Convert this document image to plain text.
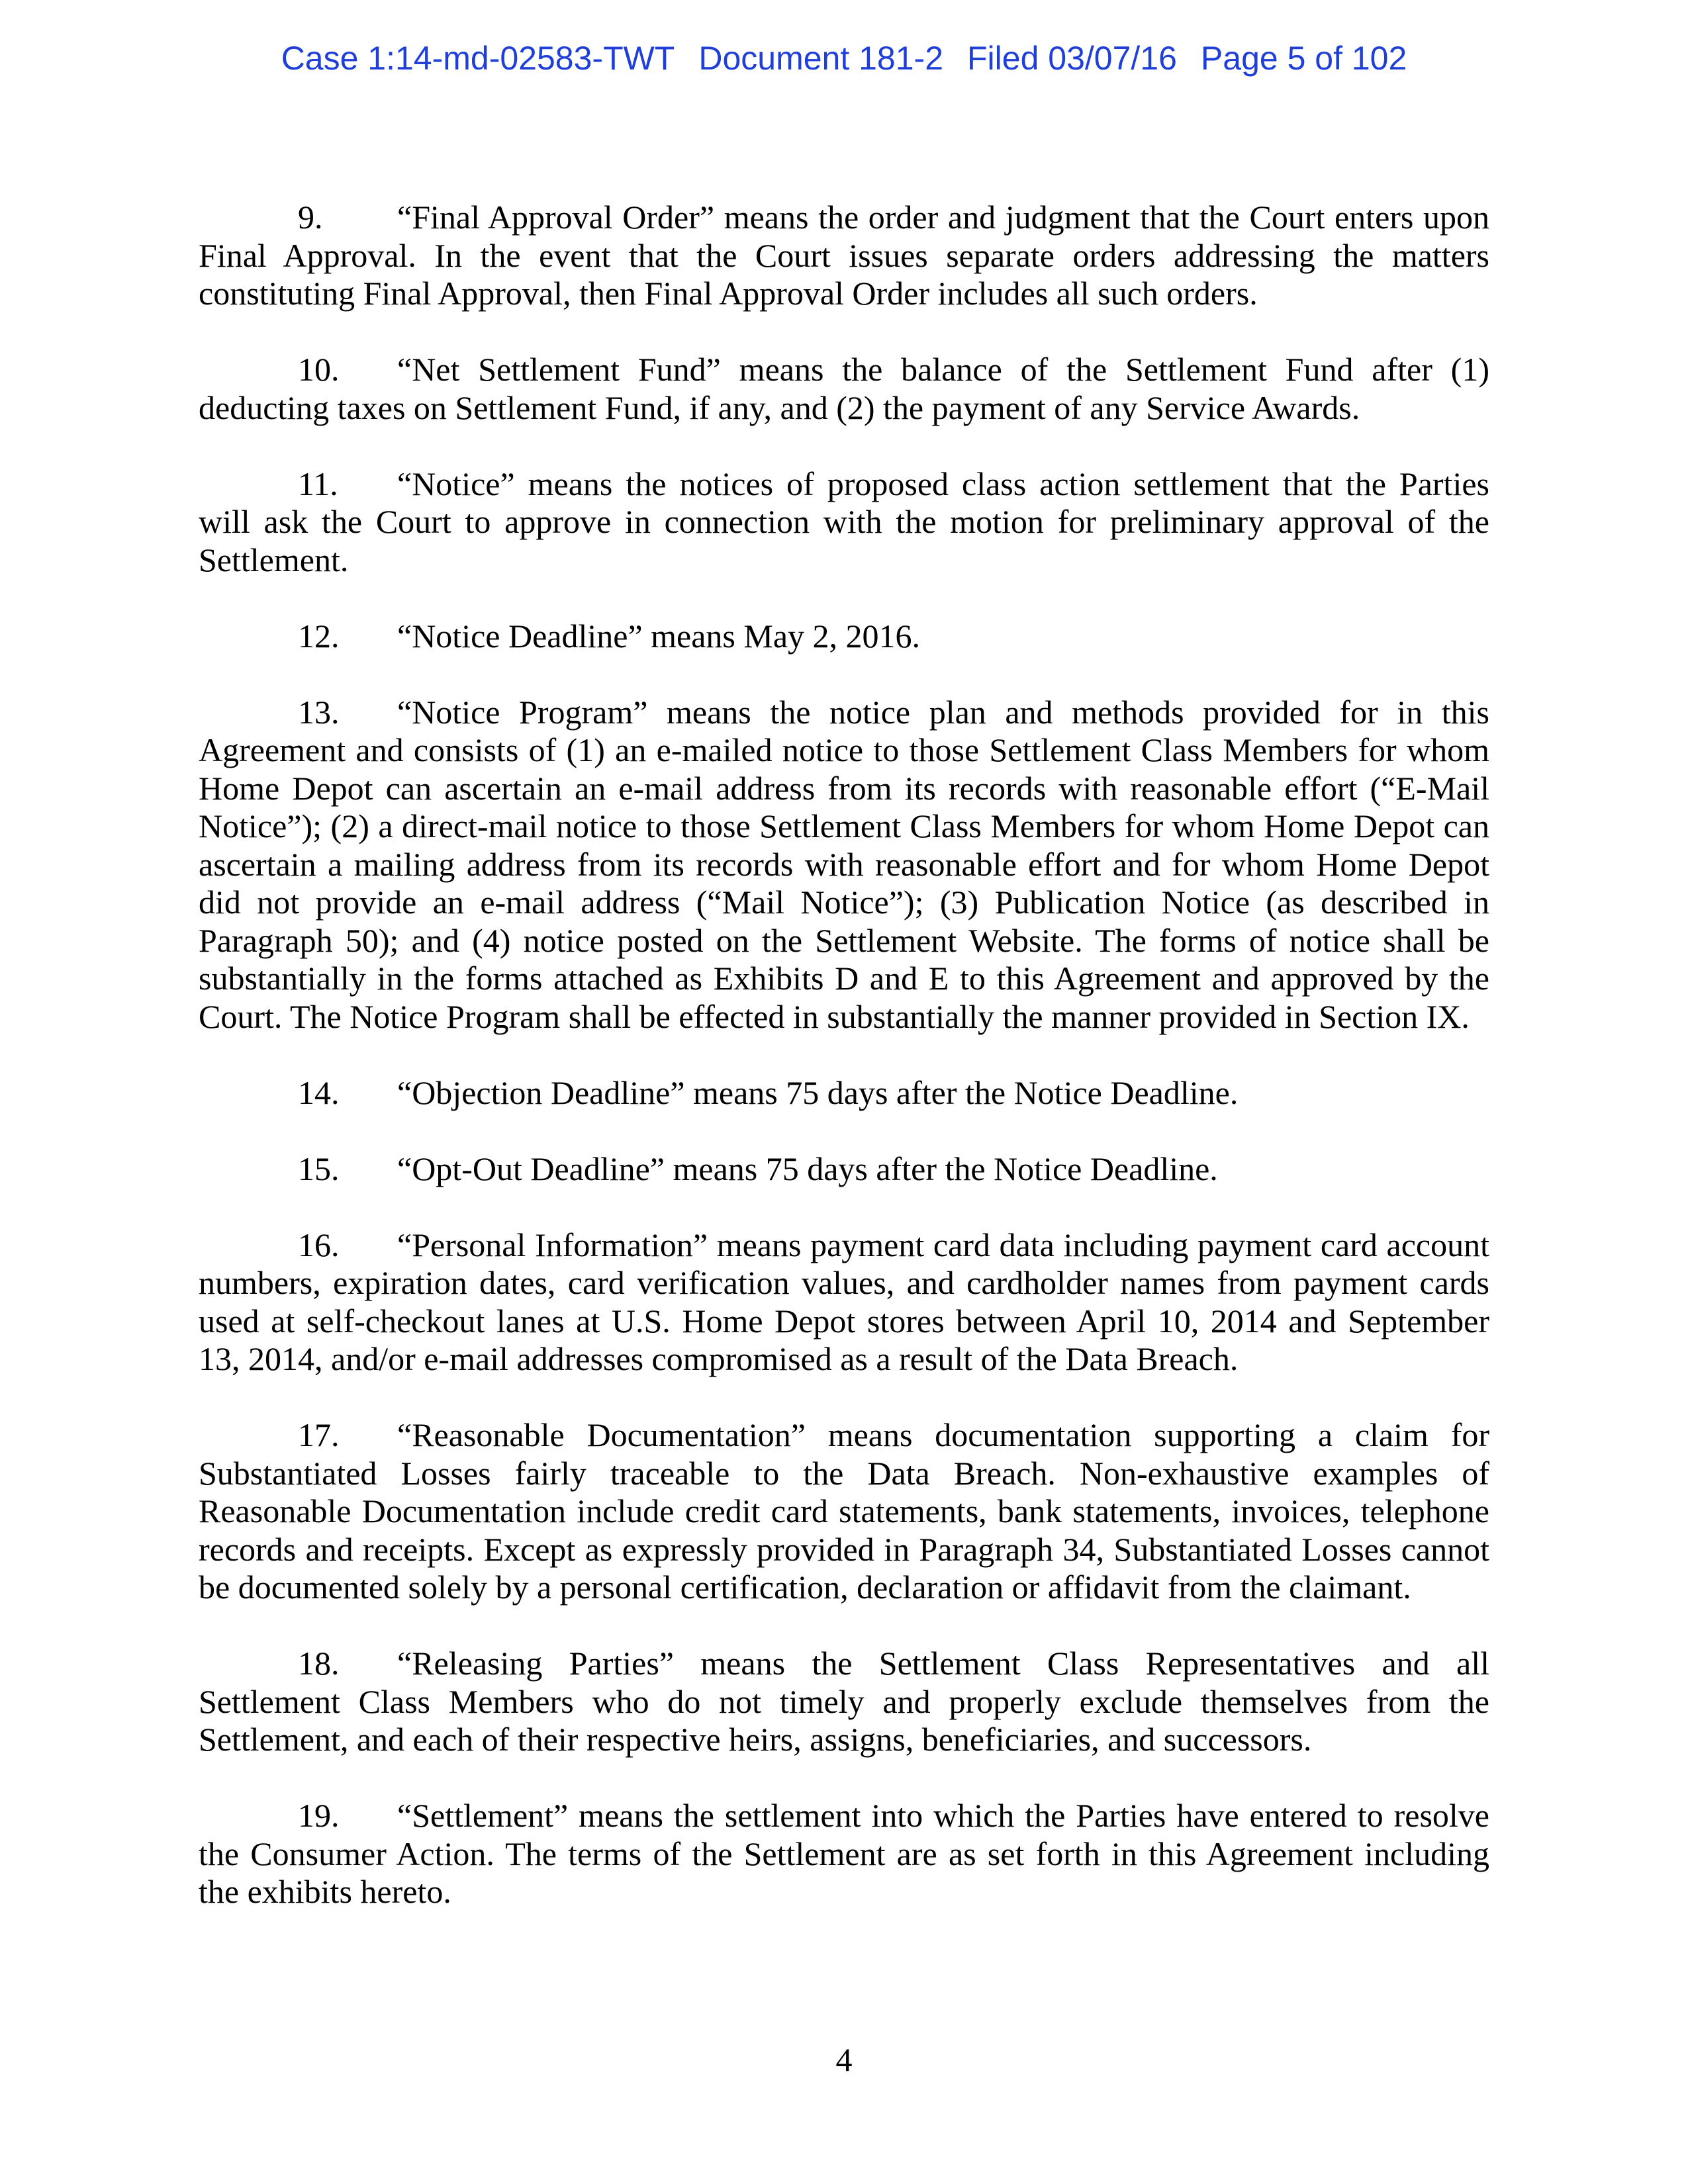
Case 1:14-md-02583-TWT Document 181-2 Filed 03/07/16 Page 5 of 102

9. “Final Approval Order” means the order and judgment that the Court enters upon Final Approval. In the event that the Court issues separate orders addressing the matters constituting Final Approval, then Final Approval Order includes all such orders.

10. “Net Settlement Fund” means the balance of the Settlement Fund after (1) deducting taxes on Settlement Fund, if any, and (2) the payment of any Service Awards.

11. “Notice” means the notices of proposed class action settlement that the Parties will ask the Court to approve in connection with the motion for preliminary approval of the Settlement.

12. “Notice Deadline” means May 2, 2016.

13. “Notice Program” means the notice plan and methods provided for in this Agreement and consists of (1) an e-mailed notice to those Settlement Class Members for whom Home Depot can ascertain an e-mail address from its records with reasonable effort (“E-Mail Notice”); (2) a direct-mail notice to those Settlement Class Members for whom Home Depot can ascertain a mailing address from its records with reasonable effort and for whom Home Depot did not provide an e-mail address (“Mail Notice”); (3) Publication Notice (as described in Paragraph 50); and (4) notice posted on the Settlement Website. The forms of notice shall be substantially in the forms attached as Exhibits D and E to this Agreement and approved by the Court. The Notice Program shall be effected in substantially the manner provided in Section IX.

14. “Objection Deadline” means 75 days after the Notice Deadline.

15. “Opt-Out Deadline” means 75 days after the Notice Deadline.

16. “Personal Information” means payment card data including payment card account numbers, expiration dates, card verification values, and cardholder names from payment cards used at self-checkout lanes at U.S. Home Depot stores between April 10, 2014 and September 13, 2014, and/or e-mail addresses compromised as a result of the Data Breach.

17. “Reasonable Documentation” means documentation supporting a claim for Substantiated Losses fairly traceable to the Data Breach. Non-exhaustive examples of Reasonable Documentation include credit card statements, bank statements, invoices, telephone records and receipts. Except as expressly provided in Paragraph 34, Substantiated Losses cannot be documented solely by a personal certification, declaration or affidavit from the claimant.

18. “Releasing Parties” means the Settlement Class Representatives and all Settlement Class Members who do not timely and properly exclude themselves from the Settlement, and each of their respective heirs, assigns, beneficiaries, and successors.

19. “Settlement” means the settlement into which the Parties have entered to resolve the Consumer Action. The terms of the Settlement are as set forth in this Agreement including the exhibits hereto.

4
